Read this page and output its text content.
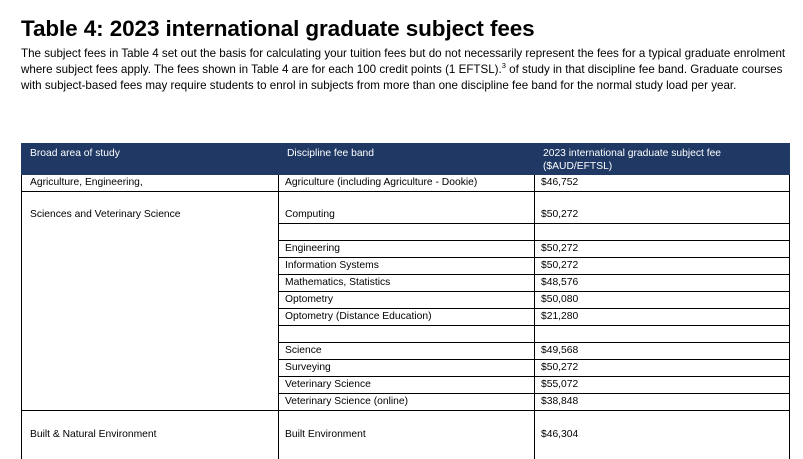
Table 4: 2023 international graduate subject fees

The subject fees in Table 4 set out the basis for calculating your tuition fees but do not necessarily represent the fees for a typical graduate enrolment where subject fees apply. The fees shown in Table 4 are for each 100 credit points (1 EFTSL).$^3$ of study in that discipline fee band. Graduate courses with subject-based fees may require students to enrol in subjects from more than one discipline fee band for the normal study load per year.

Broad area of study	Discipline fee band	2023 international graduate subject fee ($AUD/EFTSL)
Agriculture, Engineering,	Agriculture (including Agriculture - Dookie)	$46,752

Sciences and Veterinary Science	Computing	$50,272

	Engineering	$50,272
	Information Systems	$50,272
	Mathematics, Statistics	$48,576
	Optometry	$50,080
	Optometry (Distance Education)	$21,280

	Science	$49,568
	Surveying	$50,272
	Veterinary Science	$55,072
	Veterinary Science (online)	$38,848

Built & Natural Environment	Built Environment	$46,304
